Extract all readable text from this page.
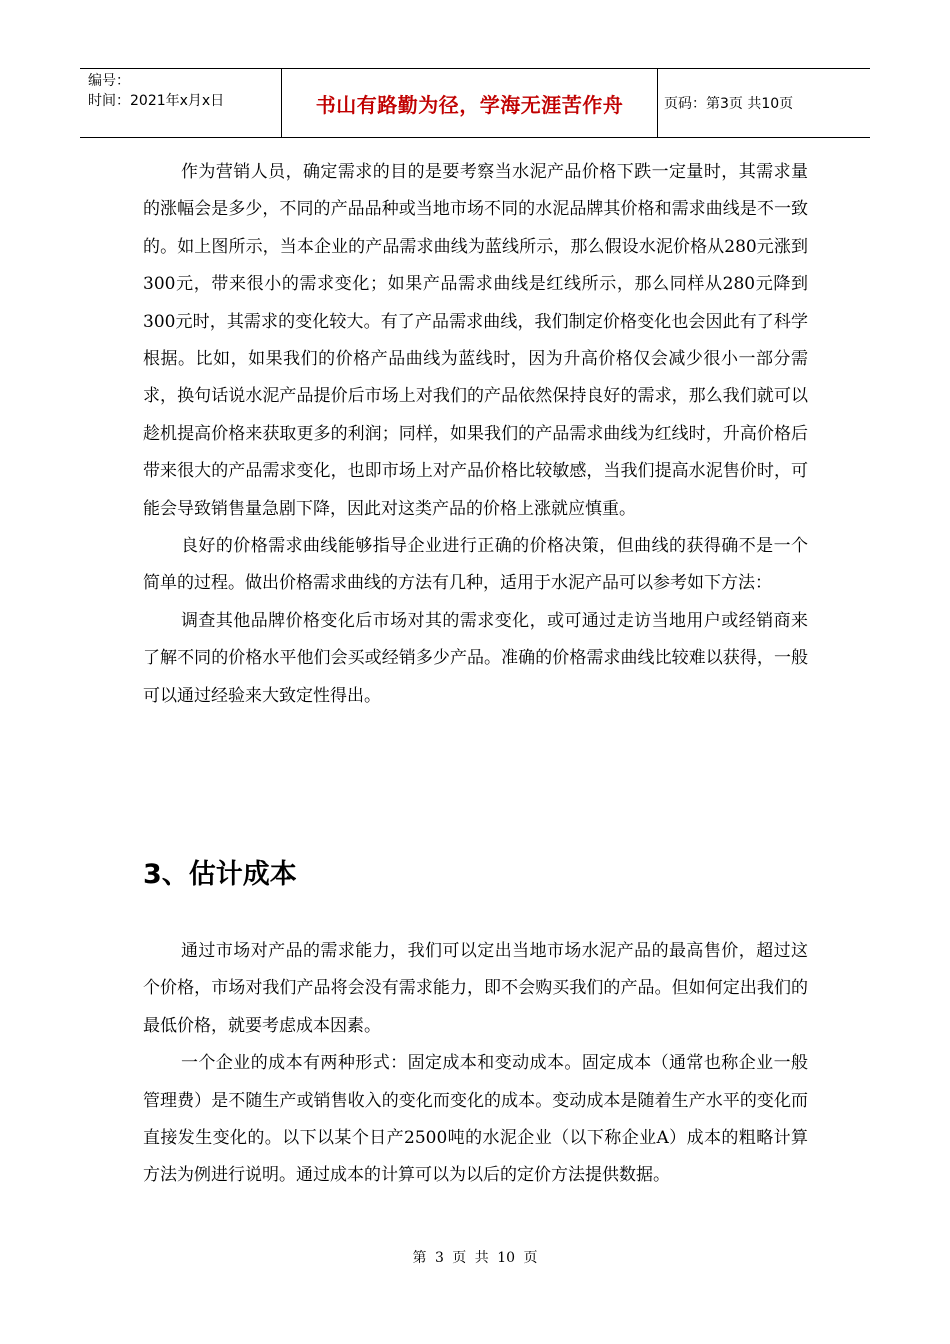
编号：
时间：2021年x月x日	书山有路勤为径，学海无涯苦作舟	页码：第3页 共10页

作为营销人员，确定需求的目的是要考察当水泥产品价格下跌一定量时，其需求量的涨幅会是多少，不同的产品品种或当地市场不同的水泥品牌其价格和需求曲线是不一致的。如上图所示，当本企业的产品需求曲线为蓝线所示，那么假设水泥价格从280元涨到300元，带来很小的需求变化；如果产品需求曲线是红线所示，那么同样从280元降到300元时，其需求的变化较大。有了产品需求曲线，我们制定价格变化也会因此有了科学根据。比如，如果我们的价格产品曲线为蓝线时，因为升高价格仅会减少很小一部分需求，换句话说水泥产品提价后市场上对我们的产品依然保持良好的需求，那么我们就可以趁机提高价格来获取更多的利润；同样，如果我们的产品需求曲线为红线时，升高价格后带来很大的产品需求变化，也即市场上对产品价格比较敏感，当我们提高水泥售价时，可能会导致销售量急剧下降，因此对这类产品的价格上涨就应慎重。

良好的价格需求曲线能够指导企业进行正确的价格决策，但曲线的获得确不是一个简单的过程。做出价格需求曲线的方法有几种，适用于水泥产品可以参考如下方法：

调查其他品牌价格变化后市场对其的需求变化，或可通过走访当地用户或经销商来了解不同的价格水平他们会买或经销多少产品。准确的价格需求曲线比较难以获得，一般可以通过经验来大致定性得出。

3、估计成本

通过市场对产品的需求能力，我们可以定出当地市场水泥产品的最高售价，超过这个价格，市场对我们产品将会没有需求能力，即不会购买我们的产品。但如何定出我们的最低价格，就要考虑成本因素。

一个企业的成本有两种形式：固定成本和变动成本。固定成本（通常也称企业一般管理费）是不随生产或销售收入的变化而变化的成本。变动成本是随着生产水平的变化而直接发生变化的。以下以某个日产2500吨的水泥企业（以下称企业A）成本的粗略计算方法为例进行说明。通过成本的计算可以为以后的定价方法提供数据。

第 3 页 共 10 页
